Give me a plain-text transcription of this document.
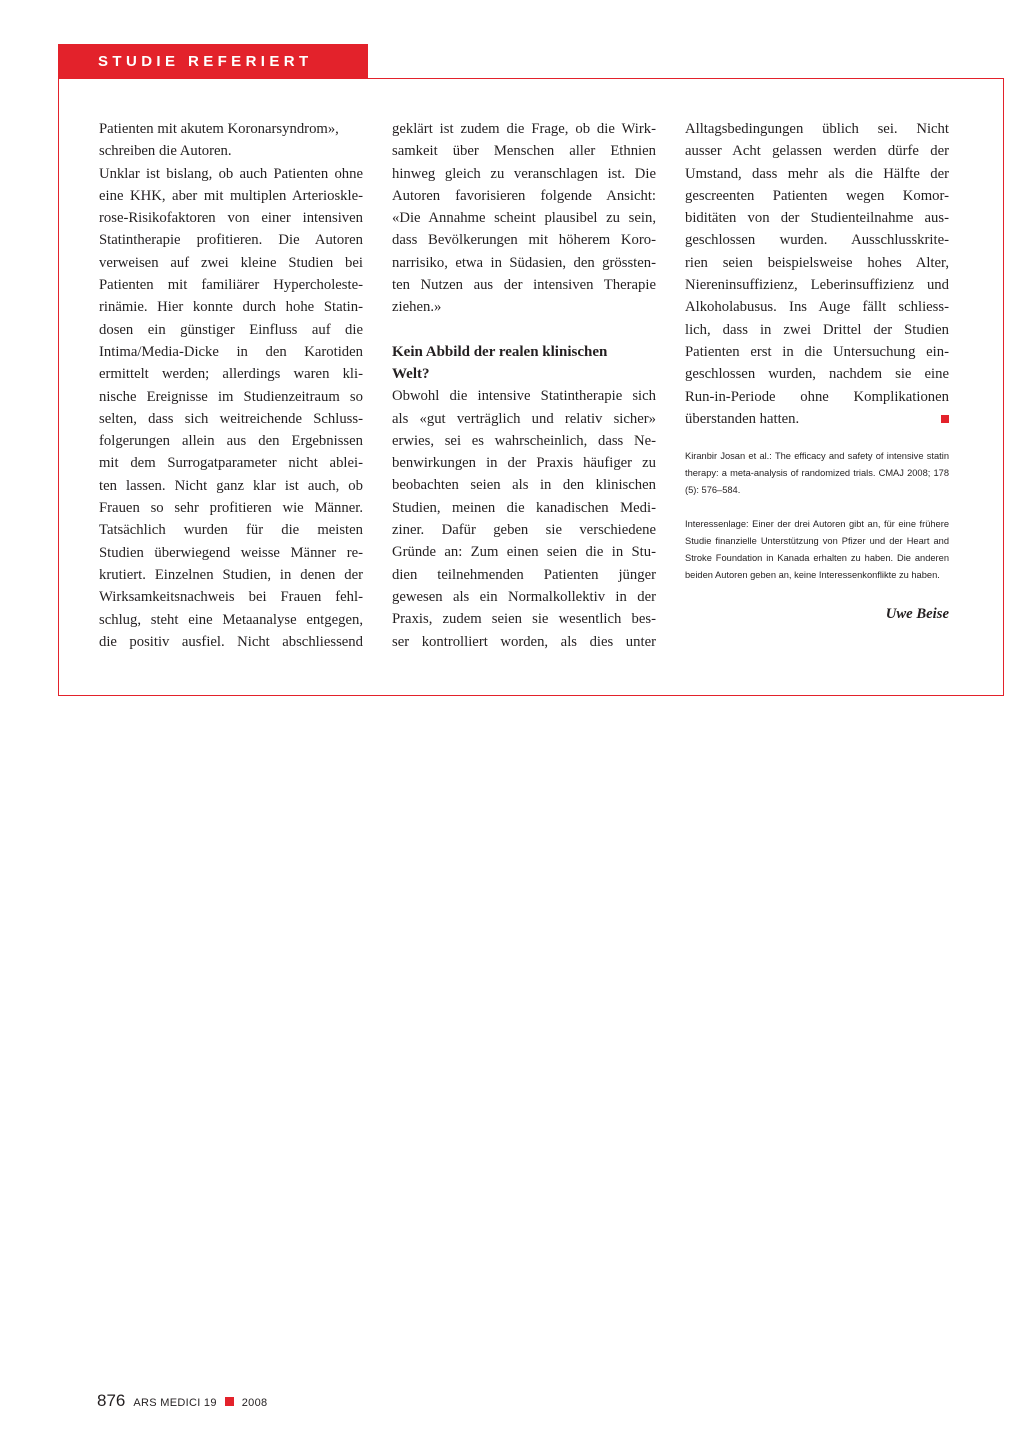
STUDIE REFERIERT

Patienten mit akutem Koronarsyndrom»,

schreiben die Autoren.

Unklar ist bislang, ob auch Patienten ohne

eine KHK, aber mit multiplen Arterioskle-

rose-Risikofaktoren von einer intensiven

Statintherapie profitieren. Die Autoren

verweisen auf zwei kleine Studien bei

Patienten mit familiärer Hypercholeste-

rinämie. Hier konnte durch hohe Statin-

dosen ein günstiger Einfluss auf die

Intima/Media-Dicke in den Karotiden

ermittelt werden; allerdings waren kli-

nische Ereignisse im Studienzeitraum so

selten, dass sich weitreichende Schluss-

folgerungen allein aus den Ergebnissen

mit dem Surrogatparameter nicht ablei-

ten lassen. Nicht ganz klar ist auch, ob

Frauen so sehr profitieren wie Männer.

Tatsächlich wurden für die meisten

Studien überwiegend weisse Männer re-

krutiert. Einzelnen Studien, in denen der

Wirksamkeitsnachweis bei Frauen fehl-

schlug, steht eine Metaanalyse entgegen,

die positiv ausfiel. Nicht abschliessend

geklärt ist zudem die Frage, ob die Wirk-

samkeit über Menschen aller Ethnien

hinweg gleich zu veranschlagen ist. Die

Autoren favorisieren folgende Ansicht:

«Die Annahme scheint plausibel zu sein,

dass Bevölkerungen mit höherem Koro-

narrisiko, etwa in Südasien, den grössten-

ten Nutzen aus der intensiven Therapie

ziehen.»

Kein Abbild der realen klinischen
Welt?

Obwohl die intensive Statintherapie sich

als «gut verträglich und relativ sicher»

erwies, sei es wahrscheinlich, dass Ne-

benwirkungen in der Praxis häufiger zu

beobachten seien als in den klinischen

Studien, meinen die kanadischen Medi-

ziner. Dafür geben sie verschiedene

Gründe an: Zum einen seien die in Stu-

dien teilnehmenden Patienten jünger

gewesen als ein Normalkollektiv in der

Praxis, zudem seien sie wesentlich bes-

ser kontrolliert worden, als dies unter

Alltagsbedingungen üblich sei. Nicht

ausser Acht gelassen werden dürfe der

Umstand, dass mehr als die Hälfte der

gescreenten Patienten wegen Komor-

biditäten von der Studienteilnahme aus-

geschlossen wurden. Ausschlusskrite-

rien seien beispielsweise hohes Alter,

Niereninsuffizienz, Leberinsuffizienz und

Alkoholabusus. Ins Auge fällt schliess-

lich, dass in zwei Drittel der Studien

Patienten erst in die Untersuchung ein-

geschlossen wurden, nachdem sie eine

Run-in-Periode ohne Komplikationen

überstanden hatten.

Kiranbir Josan et al.: The efficacy and safety of intensive statin

therapy: a meta-analysis of randomized trials. CMAJ 2008; 178

(5): 576–584.

Interessenlage: Einer der drei Autoren gibt an, für eine frühere

Studie finanzielle Unterstützung von Pfizer und der Heart and

Stroke Foundation in Kanada erhalten zu haben. Die anderen

beiden Autoren geben an, keine Interessenkonflikte zu haben.

Uwe Beise
876 ARS MEDICI 19 2008
